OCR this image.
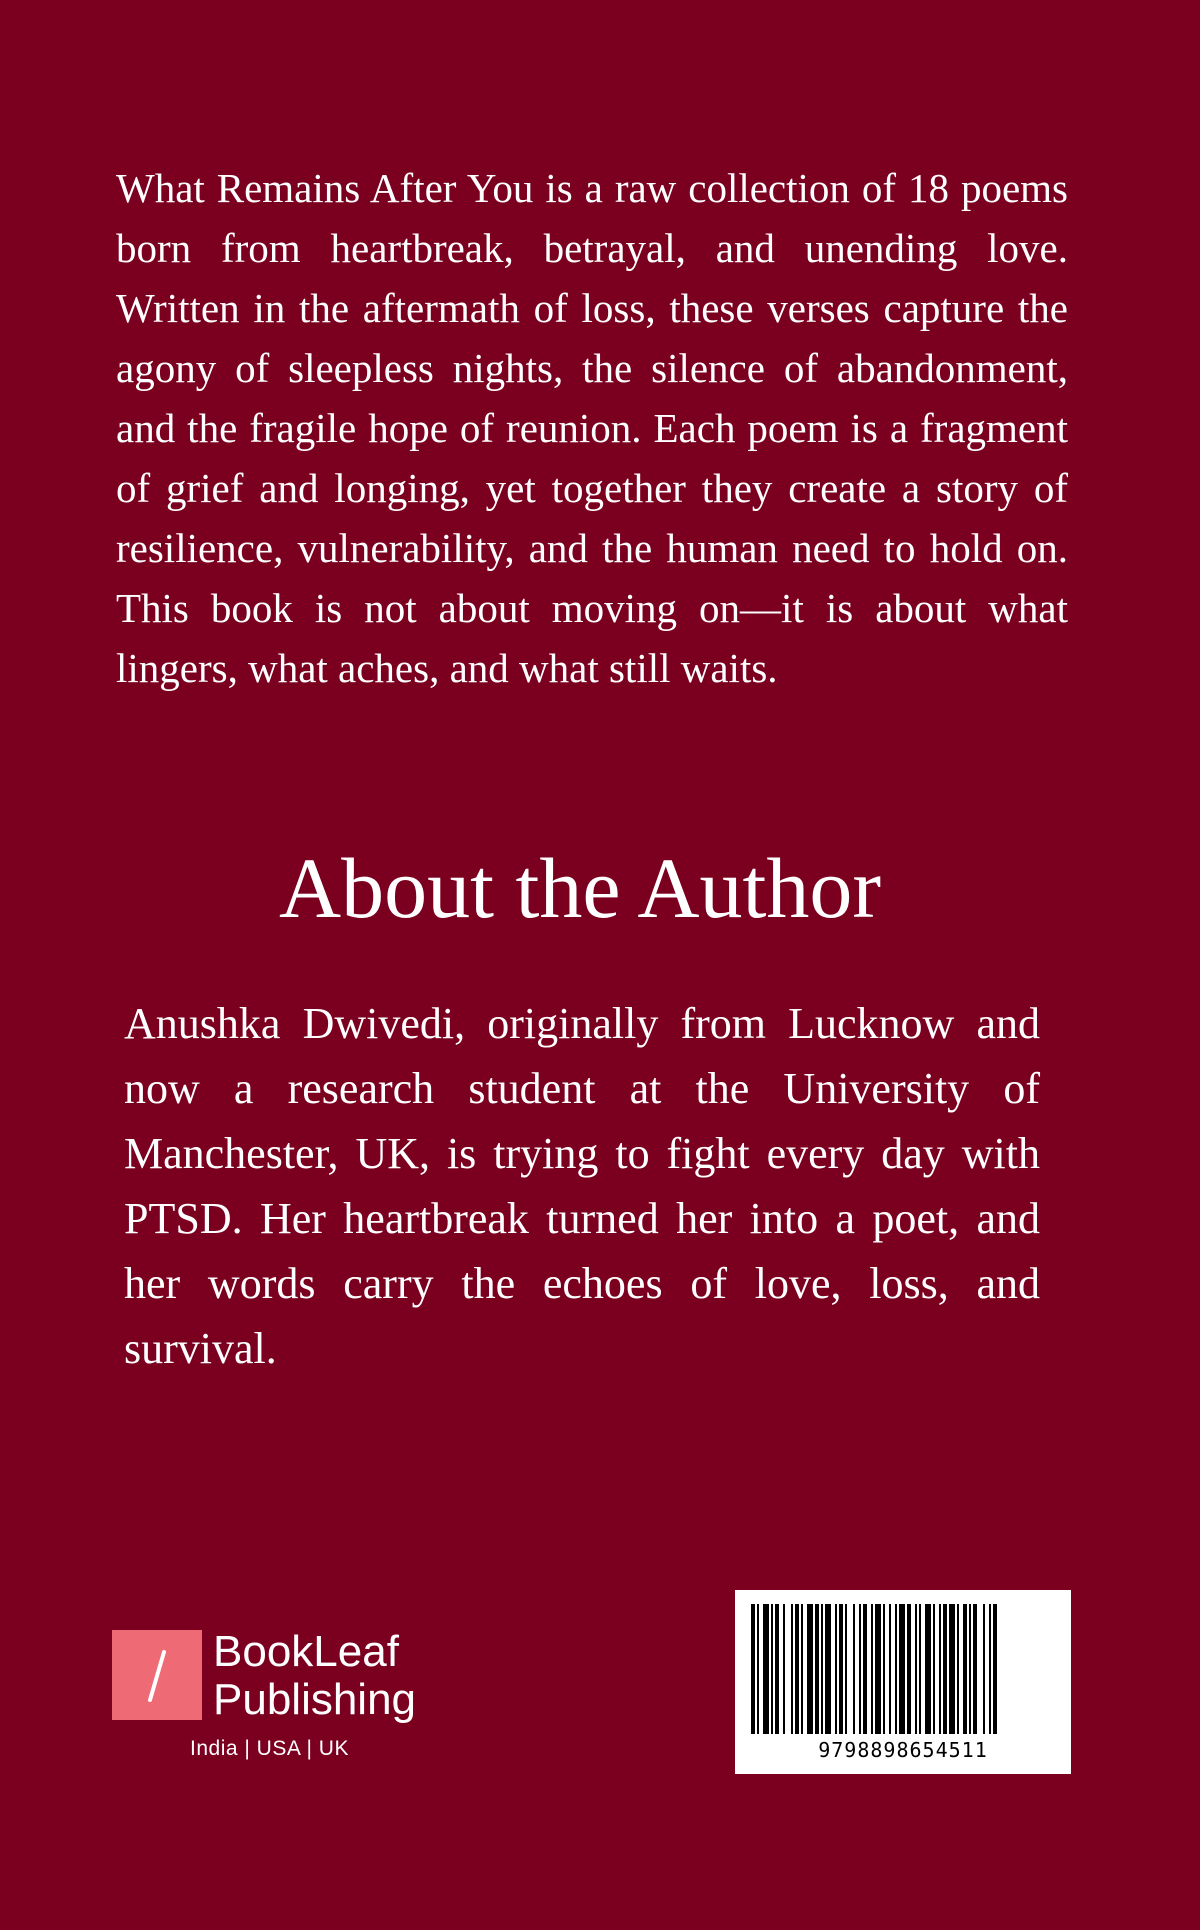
What Remains After You is a raw collection of 18 poems born from heartbreak, betrayal, and unending love. Written in the aftermath of loss, these verses capture the agony of sleepless nights, the silence of abandonment, and the fragile hope of reunion. Each poem is a fragment of grief and longing, yet together they create a story of resilience, vulnerability, and the human need to hold on. This book is not about moving on—it is about what lingers, what aches, and what still waits.

About the Author

Anushka Dwivedi, originally from Lucknow and now a research student at the University of Manchester, UK, is trying to fight every day with PTSD. Her heartbreak turned her into a poet, and her words carry the echoes of love, loss, and survival.

BookLeaf
Publishing
India | USA | UK	9798898654511
